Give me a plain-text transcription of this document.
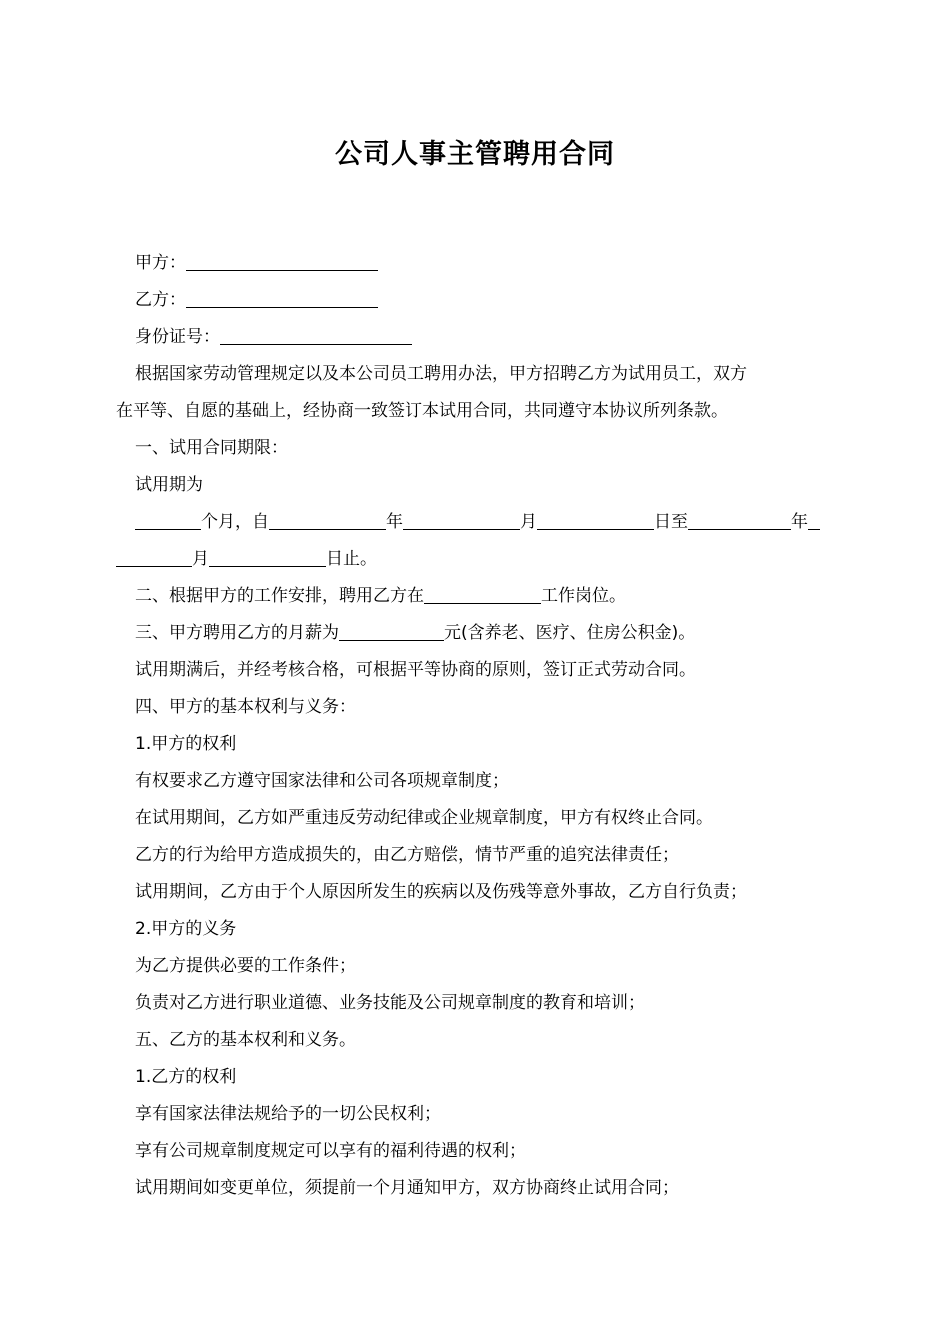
公司人事主管聘用合同
甲方：
乙方：
身份证号：
根据国家劳动管理规定以及本公司员工聘用办法，甲方招聘乙方为试用员工，双方
在平等、自愿的基础上，经协商一致签订本试用合同，共同遵守本协议所列条款。
一、试用合同期限：
试用期为
个月，自	年	月	日至	年
月	日止。
二、根据甲方的工作安排，聘用乙方在	工作岗位。
三、甲方聘用乙方的月薪为	元(含养老、医疗、住房公积金)。
试用期满后，并经考核合格，可根据平等协商的原则，签订正式劳动合同。
四、甲方的基本权利与义务：
1.甲方的权利
有权要求乙方遵守国家法律和公司各项规章制度；
在试用期间，乙方如严重违反劳动纪律或企业规章制度，甲方有权终止合同。
乙方的行为给甲方造成损失的，由乙方赔偿，情节严重的追究法律责任；
试用期间，乙方由于个人原因所发生的疾病以及伤残等意外事故，乙方自行负责；
2.甲方的义务
为乙方提供必要的工作条件；
负责对乙方进行职业道德、业务技能及公司规章制度的教育和培训；
五、乙方的基本权利和义务。
1.乙方的权利
享有国家法律法规给予的一切公民权利；
享有公司规章制度规定可以享有的福利待遇的权利；
试用期间如变更单位，须提前一个月通知甲方，双方协商终止试用合同；
